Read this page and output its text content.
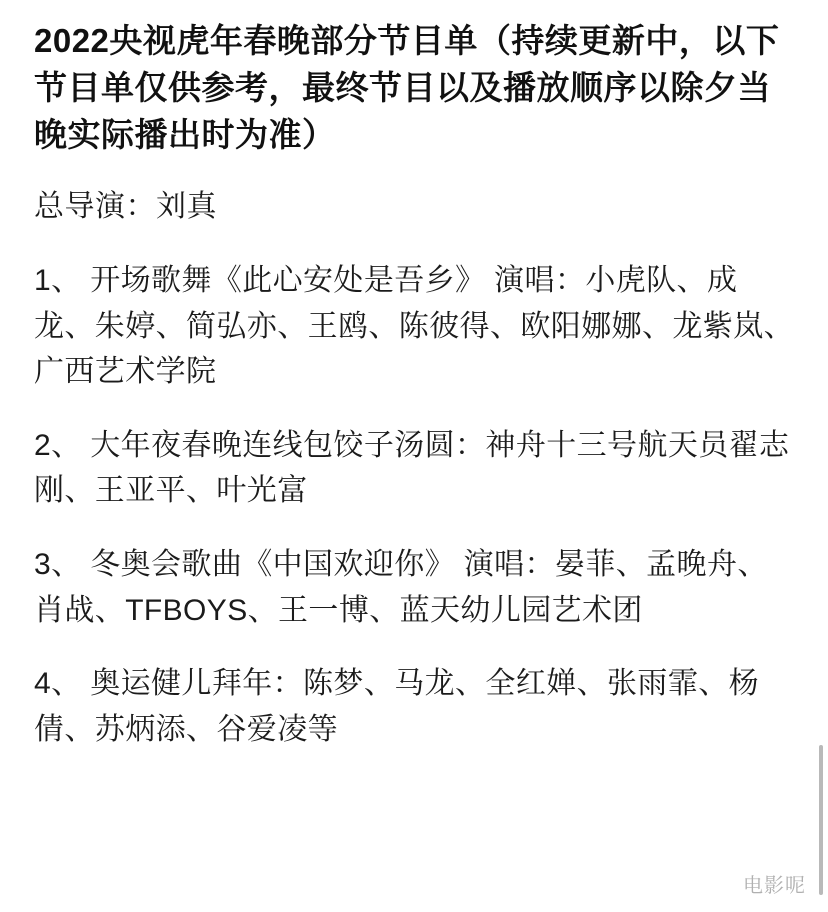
2022央视虎年春晚部分节目单（持续更新中，以下节目单仅供参考，最终节目以及播放顺序以除夕当晚实际播出时为准）

总导演：刘真

1、 开场歌舞《此心安处是吾乡》 演唱：小虎队、成龙、朱婷、简弘亦、王鸥、陈彼得、欧阳娜娜、龙紫岚、广西艺术学院
2、 大年夜春晚连线包饺子汤圆：神舟十三号航天员翟志刚、王亚平、叶光富
3、 冬奥会歌曲《中国欢迎你》 演唱：晏菲、孟晚舟、肖战、TFBOYS、王一博、蓝天幼儿园艺术团
4、 奥运健儿拜年：陈梦、马龙、全红婵、张雨霏、杨倩、苏炳添、谷爱凌等
电影呢
